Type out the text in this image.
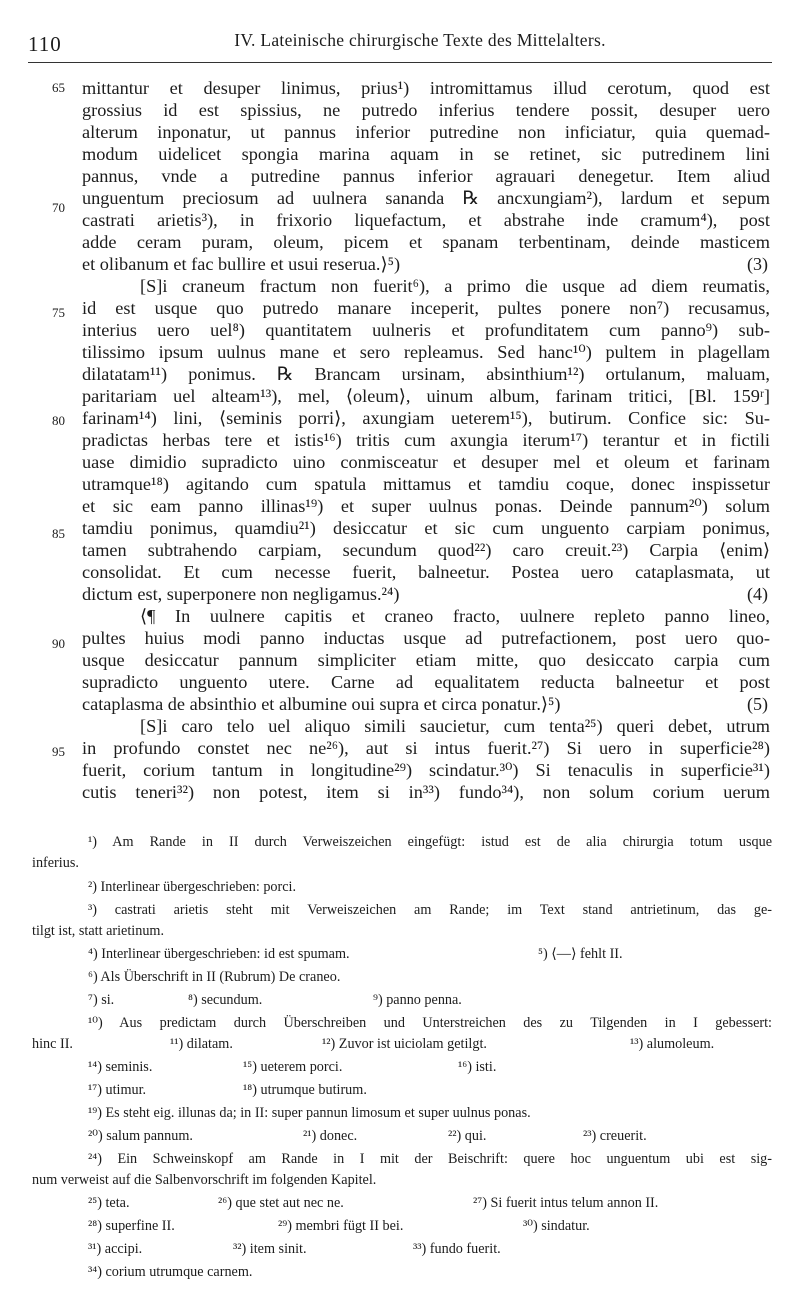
110	IV. Lateinische chirurgische Texte des Mittelalters.
65
70
75
80
85
90
95
mittantur et desuper linimus, prius¹) intromittamus illud cerotum, quod est
grossius id est spissius, ne putredo inferius tendere possit, desuper uero
alterum inponatur, ut pannus inferior putredine non inficiatur, quia quemad-
modum uidelicet spongia marina aquam in se retinet, sic putredinem lini
pannus, vnde a putredine pannus inferior agrauari denegetur. Item aliud
unguentum preciosum ad uulnera sananda ℞ ancxungiam²), lardum et sepum
castrati arietis³), in frixorio liquefactum, et abstrahe inde cramum⁴), post
adde ceram puram, oleum, picem et spanam terbentinam, deinde masticem
et olibanum et fac bullire et usui reserua.⟩⁵)	(3)
[S]i craneum fractum non fuerit⁶), a primo die usque ad diem reumatis,
id est usque quo putredo manare inceperit, pultes ponere non⁷) recusamus,
interius uero uel⁸) quantitatem uulneris et profunditatem cum panno⁹) sub-
tilissimo ipsum uulnus mane et sero repleamus. Sed hanc¹⁰) pultem in plagellam
dilatatam¹¹) ponimus. ℞ Brancam ursinam, absinthium¹²) ortulanum, maluam,
paritariam uel alteam¹³), mel, ⟨oleum⟩, uinum album, farinam tritici, [Bl. 159ʳ]
farinam¹⁴) lini, ⟨seminis porri⟩, axungiam ueterem¹⁵), butirum. Confice sic: Su-
pradictas herbas tere et istis¹⁶) tritis cum axungia iterum¹⁷) terantur et in fictili
uase dimidio supradicto uino conmisceatur et desuper mel et oleum et farinam
utramque¹⁸) agitando cum spatula mittamus et tamdiu coque, donec inspissetur
et sic eam panno illinas¹⁹) et super uulnus ponas. Deinde pannum²⁰) solum
tamdiu ponimus, quamdiu²¹) desiccatur et sic cum unguento carpiam ponimus,
tamen subtrahendo carpiam, secundum quod²²) caro creuit.²³) Carpia ⟨enim⟩
consolidat. Et cum necesse fuerit, balneetur. Postea uero cataplasmata, ut
dictum est, superponere non negligamus.²⁴)	(4)
⟨¶ In uulnere capitis et craneo fracto, uulnere repleto panno lineo,
pultes huius modi panno inductas usque ad putrefactionem, post uero quo-
usque desiccatur pannum simpliciter etiam mitte, quo desiccato carpia cum
supradicto unguento utere. Carne ad equalitatem reducta balneetur et post
cataplasma de absinthio et albumine oui supra et circa ponatur.⟩⁵)	(5)
[S]i caro telo uel aliquo simili saucietur, cum tenta²⁵) queri debet, utrum
in profundo constet nec ne²⁶), aut si intus fuerit.²⁷) Si uero in superficie²⁸)
fuerit, corium tantum in longitudine²⁹) scindatur.³⁰) Si tenaculis in superficie³¹)
cutis teneri³²) non potest, item si in³³) fundo³⁴), non solum corium uerum
¹) Am Rande in II durch Verweiszeichen eingefügt: istud est de alia chirurgia totum usque
inferius.
²) Interlinear übergeschrieben: porci.
³) castrati arietis steht mit Verweiszeichen am Rande; im Text stand antrietinum, das ge-
tilgt ist, statt arietinum.
⁴) Interlinear übergeschrieben: id est spumam.	⁵) ⟨—⟩ fehlt II.
⁶) Als Überschrift in II (Rubrum) De craneo.
⁷) si.	⁸) secundum.	⁹) panno penna.
¹⁰) Aus predictam durch Überschreiben und Unterstreichen des zu Tilgenden in I gebessert:
hinc II.	¹¹) dilatam.	¹²) Zuvor ist uiciolam getilgt.	¹³) alumoleum.
¹⁴) seminis.	¹⁵) ueterem porci.	¹⁶) isti.
¹⁷) utimur.	¹⁸) utrumque butirum.
¹⁹) Es steht eig. illunas da; in II: super pannun limosum et super uulnus ponas.
²⁰) salum pannum.	²¹) donec.	²²) qui.	²³) creuerit.
²⁴) Ein Schweinskopf am Rande in I mit der Beischrift: quere hoc unguentum ubi est sig-
num verweist auf die Salbenvorschrift im folgenden Kapitel.
²⁵) teta.	²⁶) que stet aut nec ne.	²⁷) Si fuerit intus telum annon II.
²⁸) superfine II.	²⁹) membri fügt II bei.	³⁰) sindatur.
³¹) accipi.	³²) item sinit.	³³) fundo fuerit.
³⁴) corium utrumque carnem.
